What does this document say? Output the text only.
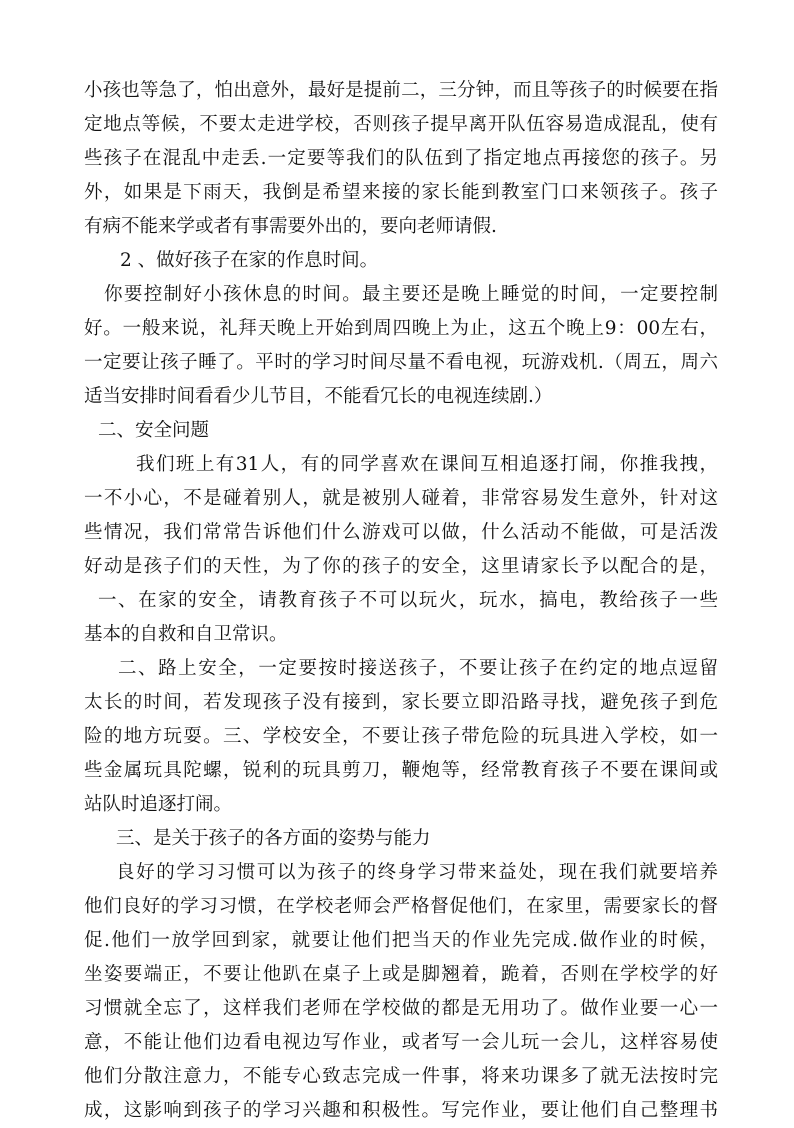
小孩也等急了，怕出意外，最好是提前二，三分钟，而且等孩子的时候要在指
定地点等候，不要太走进学校，否则孩子提早离开队伍容易造成混乱，使有
些孩子在混乱中走丢.一定要等我们的队伍到了指定地点再接您的孩子。另
外，如果是下雨天，我倒是希望来接的家长能到教室门口来领孩子。孩子
有病不能来学或者有事需要外出的，要向老师请假.
2 、做好孩子在家的作息时间。
你要控制好小孩休息的时间。最主要还是晚上睡觉的时间，一定要控制
好。一般来说，礼拜天晚上开始到周四晚上为止，这五个晚上9：00左右，
一定要让孩子睡了。平时的学习时间尽量不看电视，玩游戏机.（周五，周六
适当安排时间看看少儿节目，不能看冗长的电视连续剧.）
二、安全问题
我们班上有31人，有的同学喜欢在课间互相追逐打闹，你推我拽，
一不小心，不是碰着别人，就是被别人碰着，非常容易发生意外，针对这
些情况，我们常常告诉他们什么游戏可以做，什么活动不能做，可是活泼
好动是孩子们的天性，为了你的孩子的安全，这里请家长予以配合的是，
一、在家的安全，请教育孩子不可以玩火，玩水，搞电，教给孩子一些
基本的自救和自卫常识。
二、路上安全，一定要按时接送孩子，不要让孩子在约定的地点逗留
太长的时间，若发现孩子没有接到，家长要立即沿路寻找，避免孩子到危
险的地方玩耍。三、学校安全，不要让孩子带危险的玩具进入学校，如一
些金属玩具陀螺，锐利的玩具剪刀，鞭炮等，经常教育孩子不要在课间或
站队时追逐打闹。
三、是关于孩子的各方面的姿势与能力
良好的学习习惯可以为孩子的终身学习带来益处，现在我们就要培养
他们良好的学习习惯，在学校老师会严格督促他们，在家里，需要家长的督
促.他们一放学回到家，就要让他们把当天的作业先完成.做作业的时候，
坐姿要端正，不要让他趴在桌子上或是脚翘着，跪着，否则在学校学的好
习惯就全忘了，这样我们老师在学校做的都是无用功了。做作业要一心一
意，不能让他们边看电视边写作业，或者写一会儿玩一会儿，这样容易使
他们分散注意力，不能专心致志完成一件事，将来功课多了就无法按时完
成，这影响到孩子的学习兴趣和积极性。写完作业，要让他们自己整理书
